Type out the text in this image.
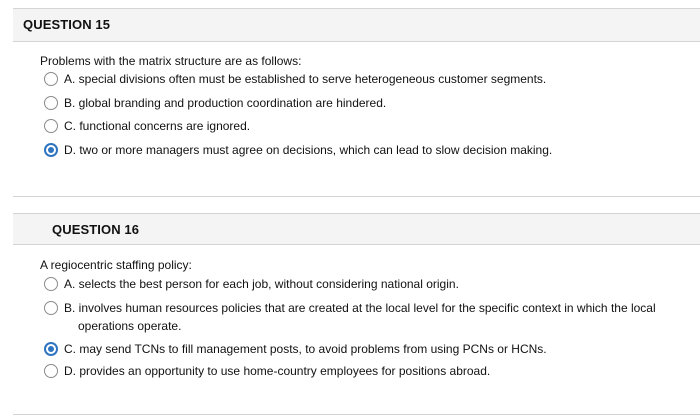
QUESTION 15
Problems with the matrix structure are as follows:
A. special divisions often must be established to serve heterogeneous customer segments.
B. global branding and production coordination are hindered.
C. functional concerns are ignored.
D. two or more managers must agree on decisions, which can lead to slow decision making.
QUESTION 16
A regiocentric staffing policy:
A. selects the best person for each job, without considering national origin.
B. involves human resources policies that are created at the local level for the specific context in which the local
operations operate.
C. may send TCNs to fill management posts, to avoid problems from using PCNs or HCNs.
D. provides an opportunity to use home-country employees for positions abroad.
